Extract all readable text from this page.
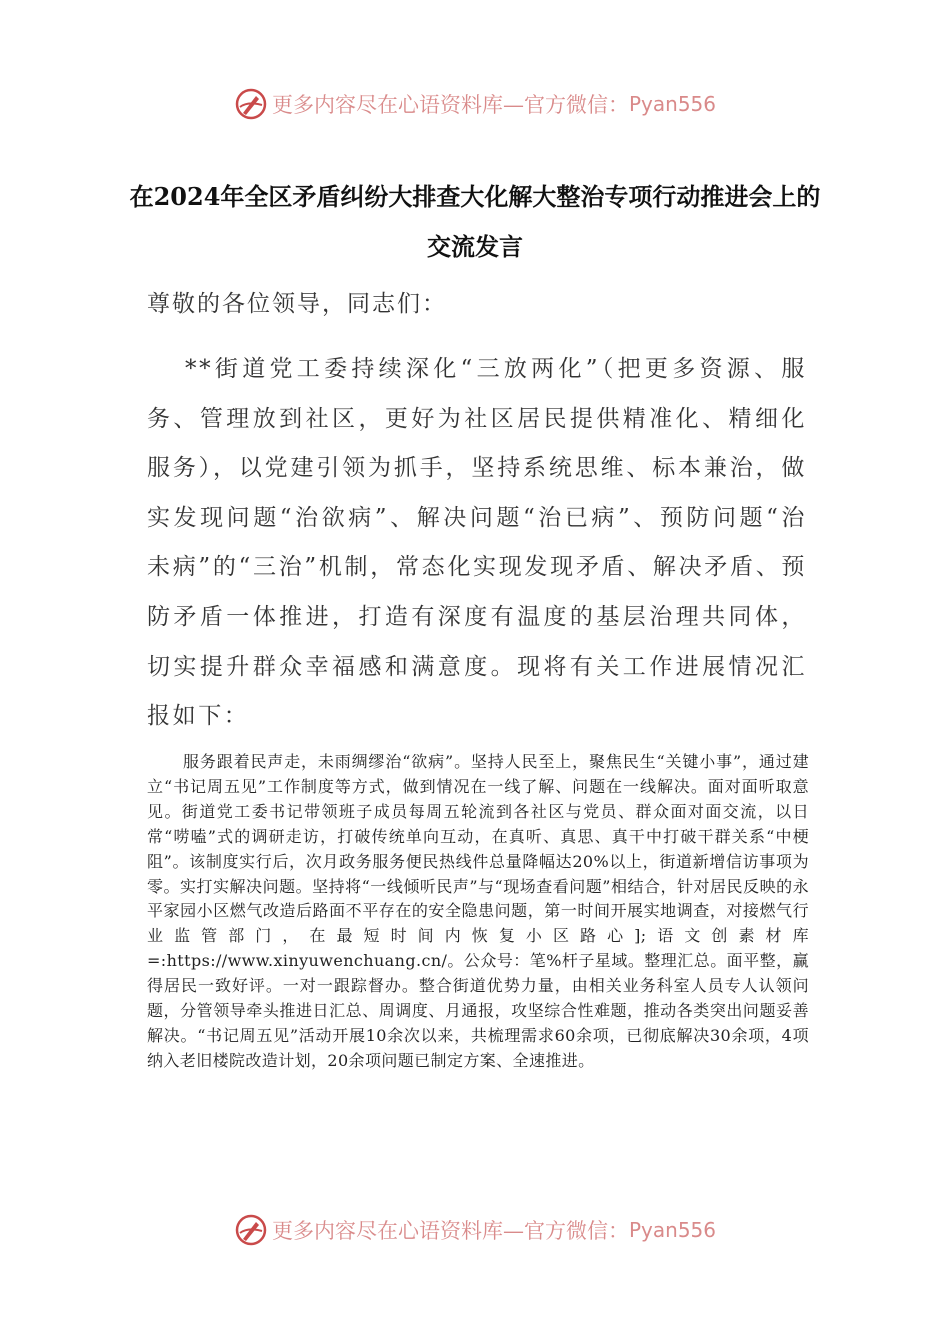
更多内容尽在心语资料库—官方微信： Pyan556
在2024年全区矛盾纠纷大排查大化解大整治专项行动推进会上的交流发言
尊敬的各位领导，同志们：

**街道党工委持续深化“三放两化”（把更多资源、服务、管理放到社区，更好为社区居民提供精准化、精细化服务），以党建引领为抓手，坚持系统思维、标本兼治，做实发现问题“治欲病”、解决问题“治已病”、预防问题“治未病”的“三治”机制，常态化实现发现矛盾、解决矛盾、预防矛盾一体推进，打造有深度有温度的基层治理共同体，切实提升群众幸福感和满意度。现将有关工作进展情况汇报如下：

服务跟着民声走，未雨绸缪治“欲病”。坚持人民至上，聚焦民生“关键小事”，通过建立“书记周五见”工作制度等方式，做到情况在一线了解、问题在一线解决。面对面听取意见。街道党工委书记带领班子成员每周五轮流到各社区与党员、群众面对面交流，以日常“唠嗑”式的调研走访，打破传统单向互动，在真听、真思、真干中打破干群关系“中梗阻”。该制度实行后，次月政务服务便民热线件总量降幅达20%以上，街道新增信访事项为零。实打实解决问题。坚持将“一线倾听民声”与“现场查看问题”相结合，针对居民反映的永平家园小区燃气改造后路面不平存在的安全隐患问题，第一时间开展实地调查，对接燃气行业监管部门，在最短时间内恢复小区路心];语文创素材库=:https://www.xinyuwenchuang.cn/。公众号：笔%杆子星域。整理汇总。面平整，赢得居民一致好评。一对一跟踪督办。整合街道优势力量，由相关业务科室人员专人认领问题，分管领导牵头推进日汇总、周调度、月通报，攻坚综合性难题，推动各类突出问题妥善解决。“书记周五见”活动开展10余次以来，共梳理需求60余项，已彻底解决30余项，4项纳入老旧楼院改造计划，20余项问题已制定方案、全速推进。

更多内容尽在心语资料库—官方微信： Pyan556
